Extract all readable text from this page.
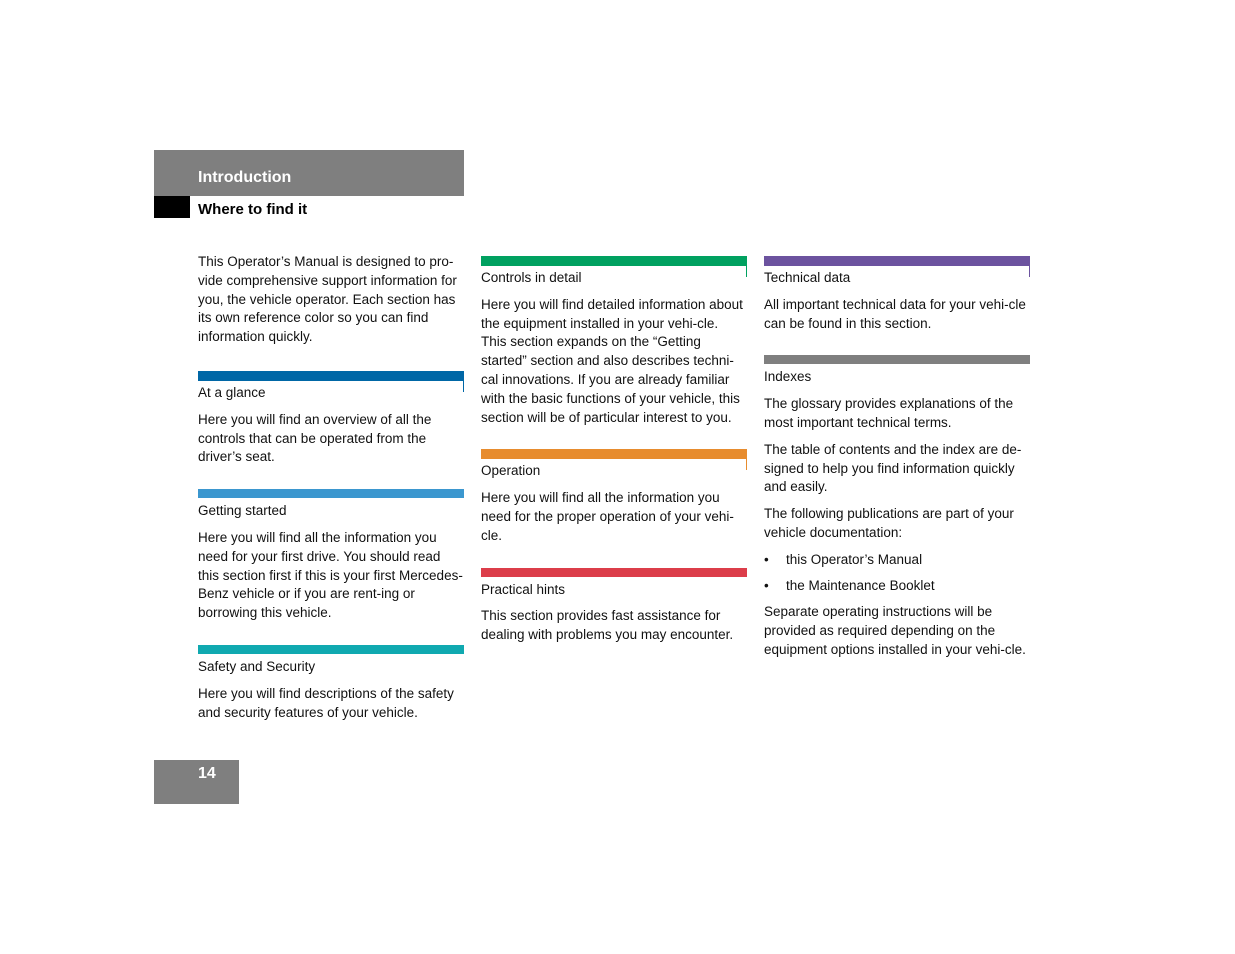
Introduction
Where to find it

This Operator’s Manual is designed to pro-vide comprehensive support information for you, the vehicle operator. Each section has its own reference color so you can find information quickly.

At a glance

Here you will find an overview of all the controls that can be operated from the driver’s seat.

Getting started

Here you will find all the information you need for your first drive. You should read this section first if this is your first Mercedes-Benz vehicle or if you are rent-ing or borrowing this vehicle.

Safety and Security

Here you will find descriptions of the safety and security features of your vehicle.

Controls in detail

Here you will find detailed information about the equipment installed in your vehi-cle. This section expands on the “Getting started” section and also describes techni-cal innovations. If you are already familiar with the basic functions of your vehicle, this section will be of particular interest to you.

Operation

Here you will find all the information you need for the proper operation of your vehi-cle.

Practical hints

This section provides fast assistance for dealing with problems you may encounter.

Technical data

All important technical data for your vehi-cle can be found in this section.

Indexes

The glossary provides explanations of the most important technical terms.

The table of contents and the index are de-signed to help you find information quickly and easily.

The following publications are part of your vehicle documentation:

• this Operator’s Manual
• the Maintenance Booklet

Separate operating instructions will be provided as required depending on the equipment options installed in your vehi-cle.

14
